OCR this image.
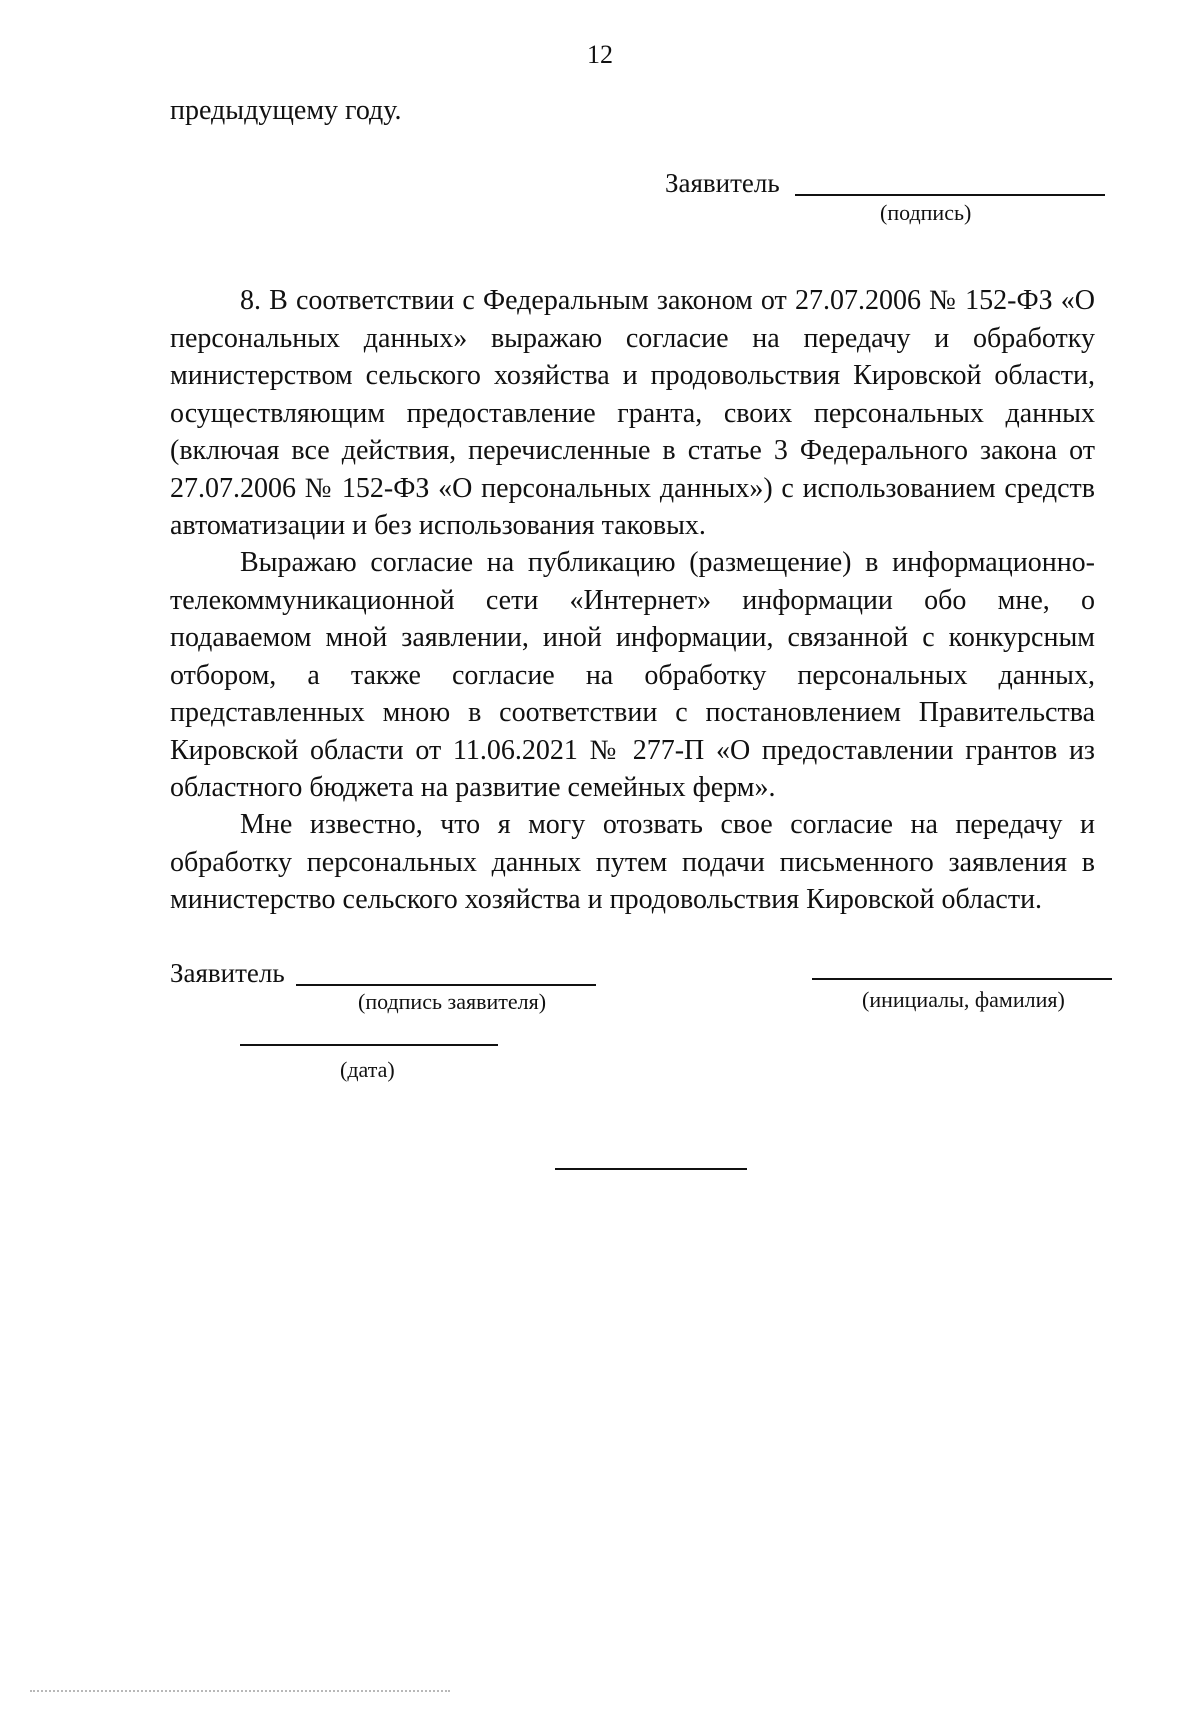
12
предыдущему году.
Заявитель
(подпись)
8. В соответствии с Федеральным законом от 27.07.2006 № 152-ФЗ «О персональных данных» выражаю согласие на передачу и обработку министерством сельского хозяйства и продовольствия Кировской области, осуществляющим предоставление гранта, своих персональных данных (включая все действия, перечисленные в статье 3 Федерального закона от 27.07.2006 № 152-ФЗ «О персональных данных») с использованием средств автоматизации и без использования таковых.
Выражаю согласие на публикацию (размещение) в информационно-телекоммуникационной сети «Интернет» информации обо мне, о подаваемом мной заявлении, иной информации, связанной с конкурсным отбором, а также согласие на обработку персональных данных, представленных мною в соответствии с постановлением Правительства Кировской области от 11.06.2021 № 277-П «О предоставлении грантов из областного бюджета на развитие семейных ферм».
Мне известно, что я могу отозвать свое согласие на передачу и обработку персональных данных путем подачи письменного заявления в министерство сельского хозяйства и продовольствия Кировской области.
Заявитель
(подпись заявителя)	(инициалы, фамилия)
(дата)
